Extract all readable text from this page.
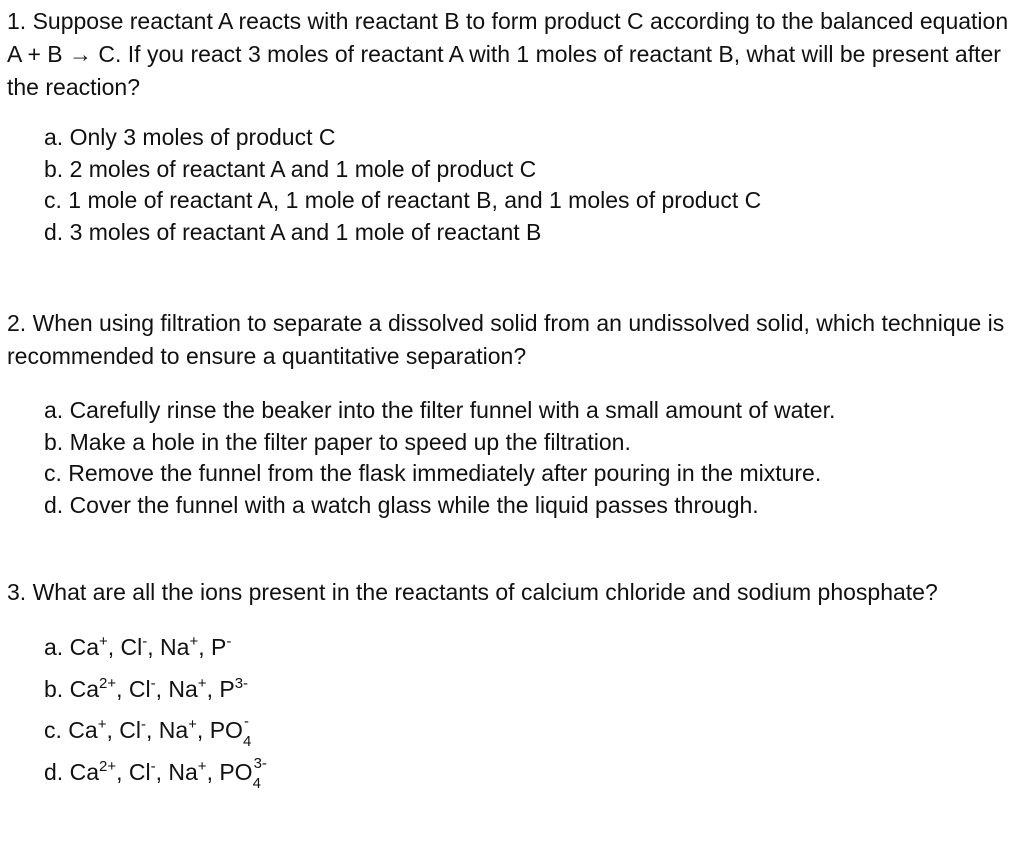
1. Suppose reactant A reacts with reactant B to form product C according to the balanced equation A + B → C. If you react 3 moles of reactant A with 1 moles of reactant B, what will be present after the reaction?

a. Only 3 moles of product C
b. 2 moles of reactant A and 1 mole of product C
c. 1 mole of reactant A, 1 mole of reactant B, and 1 moles of product C
d. 3 moles of reactant A and 1 mole of reactant B

2. When using filtration to separate a dissolved solid from an undissolved solid, which technique is recommended to ensure a quantitative separation?

a. Carefully rinse the beaker into the filter funnel with a small amount of water.
b. Make a hole in the filter paper to speed up the filtration.
c. Remove the funnel from the flask immediately after pouring in the mixture.
d. Cover the funnel with a watch glass while the liquid passes through.

3. What are all the ions present in the reactants of calcium chloride and sodium phosphate?

a. Ca+, Cl-, Na+, P-
b. $Ca^{2+}$, Cl-, Na+, $P^{3-}$
c. Ca+, Cl-, Na+, PO -
4
d. $Ca^{2+}$, Cl-, Na+, PO 3-
4
